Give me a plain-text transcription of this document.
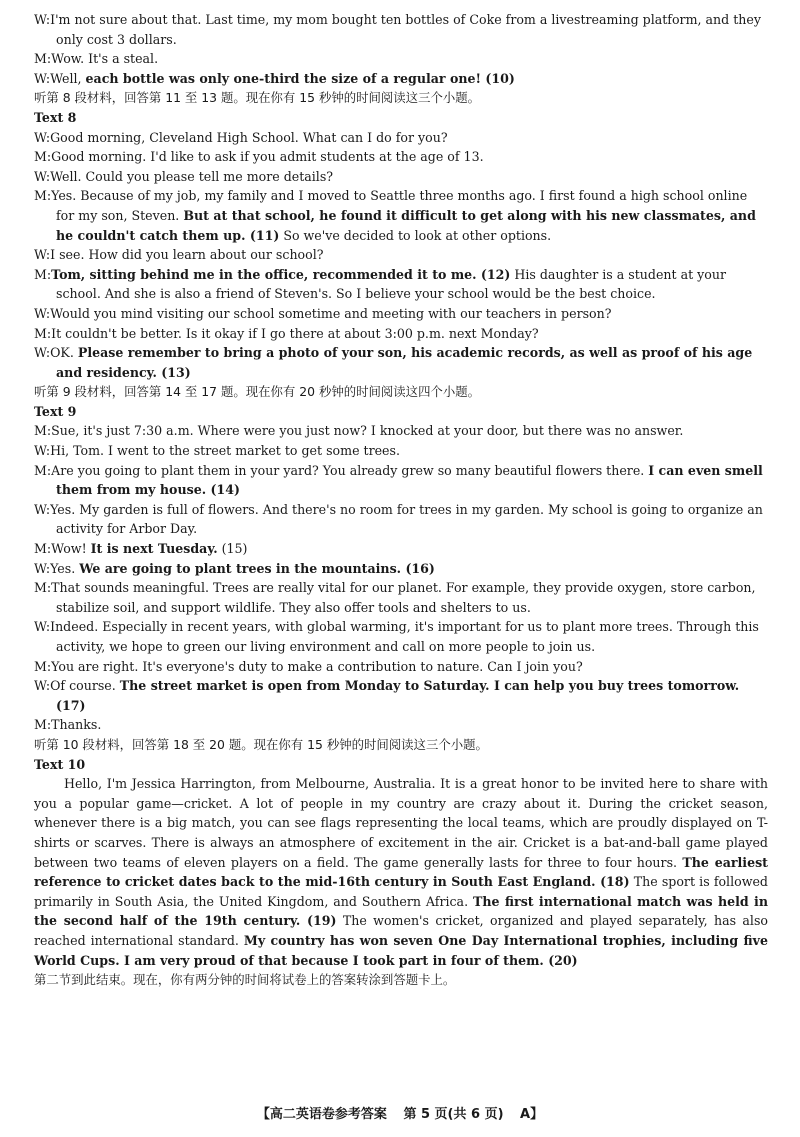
W:I'm not sure about that. Last time, my mom bought ten bottles of Coke from a livestreaming platform, and they only cost 3 dollars.
M:Wow. It's a steal.
W:Well, each bottle was only one-third the size of a regular one! (10)
听第 8 段材料，回答第 11 至 13 题。现在你有 15 秒钟的时间阅读这三个小题。
Text 8
W:Good morning, Cleveland High School. What can I do for you?
M:Good morning. I'd like to ask if you admit students at the age of 13.
W:Well. Could you please tell me more details?
M:Yes. Because of my job, my family and I moved to Seattle three months ago. I first found a high school online for my son, Steven. But at that school, he found it difficult to get along with his new classmates, and he couldn't catch them up. (11) So we've decided to look at other options.
W:I see. How did you learn about our school?
M:Tom, sitting behind me in the office, recommended it to me. (12) His daughter is a student at your school. And she is also a friend of Steven's. So I believe your school would be the best choice.
W:Would you mind visiting our school sometime and meeting with our teachers in person?
M:It couldn't be better. Is it okay if I go there at about 3:00 p.m. next Monday?
W:OK. Please remember to bring a photo of your son, his academic records, as well as proof of his age and residency. (13)
听第 9 段材料，回答第 14 至 17 题。现在你有 20 秒钟的时间阅读这四个小题。
Text 9
M:Sue, it's just 7:30 a.m. Where were you just now? I knocked at your door, but there was no answer.
W:Hi, Tom. I went to the street market to get some trees.
M:Are you going to plant them in your yard? You already grew so many beautiful flowers there. I can even smell them from my house. (14)
W:Yes. My garden is full of flowers. And there's no room for trees in my garden. My school is going to organize an activity for Arbor Day.
M:Wow! It is next Tuesday. (15)
W:Yes. We are going to plant trees in the mountains. (16)
M:That sounds meaningful. Trees are really vital for our planet. For example, they provide oxygen, store carbon, stabilize soil, and support wildlife. They also offer tools and shelters to us.
W:Indeed. Especially in recent years, with global warming, it's important for us to plant more trees. Through this activity, we hope to green our living environment and call on more people to join us.
M:You are right. It's everyone's duty to make a contribution to nature. Can I join you?
W:Of course. The street market is open from Monday to Saturday. I can help you buy trees tomorrow. (17)
M:Thanks.
听第 10 段材料，回答第 18 至 20 题。现在你有 15 秒钟的时间阅读这三个小题。
Text 10
Hello, I'm Jessica Harrington, from Melbourne, Australia. It is a great honor to be invited here to share with you a popular game—cricket. A lot of people in my country are crazy about it. During the cricket season, whenever there is a big match, you can see flags representing the local teams, which are proudly displayed on T-shirts or scarves. There is always an atmosphere of excitement in the air. Cricket is a bat-and-ball game played between two teams of eleven players on a field. The game generally lasts for three to four hours. The earliest reference to cricket dates back to the mid-16th century in South East England. (18) The sport is followed primarily in South Asia, the United Kingdom, and Southern Africa. The first international match was held in the second half of the 19th century. (19) The women's cricket, organized and played separately, has also reached international standard. My country has won seven One Day International trophies, including five World Cups. I am very proud of that because I took part in four of them. (20)
第二节到此结束。现在，你有两分钟的时间将试卷上的答案转涂到答题卡上。
【高二英语卷参考答案 第 5 页(共 6 页) A】
